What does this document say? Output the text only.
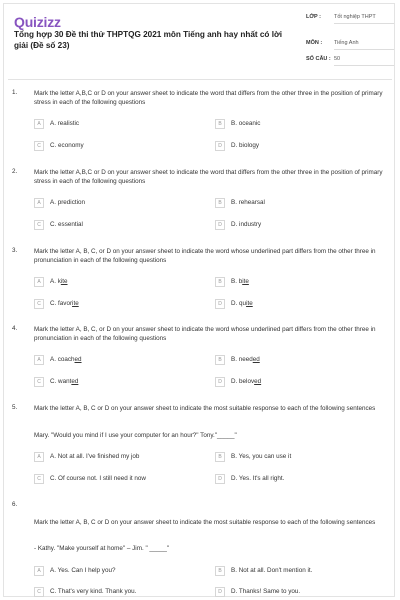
Quizizz
Tổng hợp 30 Đề thi thử THPTQG 2021 môn Tiếng anh hay nhất có lời giải (Đề số 23)
LỚP : Tốt nghiệp THPT
MÔN : Tiếng Anh
SỐ CÂU : 50
1.	Mark the letter A,B,C or D on your answer sheet to indicate the word that differs from the other three in the position of primary stress in each of the following questions
A	A. realistic	B	B. oceanic
C	C. economy	D	D. biology
2.	Mark the letter A,B,C or D on your answer sheet to indicate the word that differs from the other three in the position of primary stress in each of the following questions
A	A. prediction	B	B. rehearsal
C	C. essential	D	D. industry
3.	Mark the letter A, B, C, or D on your answer sheet to indicate the word whose underlined part differs from the other three in pronunciation in each of the following questions
A	A. kite	B	B. bite
C	C. favorite	D	D. quite
4.	Mark the letter A, B, C, or D on your answer sheet to indicate the word whose underlined part differs from the other three in pronunciation in each of the following questions
A	A. coached	B	B. needed
C	C. wanted	D	D. beloved
5.	Mark the letter A, B, C or D on your answer sheet to indicate the most suitable response to each of the following sentences
Mary. "Would you mind if I use your computer for an hour?" Tony."_____"
A	A. Not at all. I've finished my job	B	B. Yes, you can use it
C	C. Of course not. I still need it now	D	D. Yes. It's all right.
6.
Mark the letter A, B, C or D on your answer sheet to indicate the most suitable response to each of the following sentences
- Kathy. "Make yourself at home" – Jim. " _____"
A	A. Yes. Can I help you?	B	B. Not at all. Don't mention it.
C	C. That's very kind. Thank you.	D	D. Thanks! Same to you.
